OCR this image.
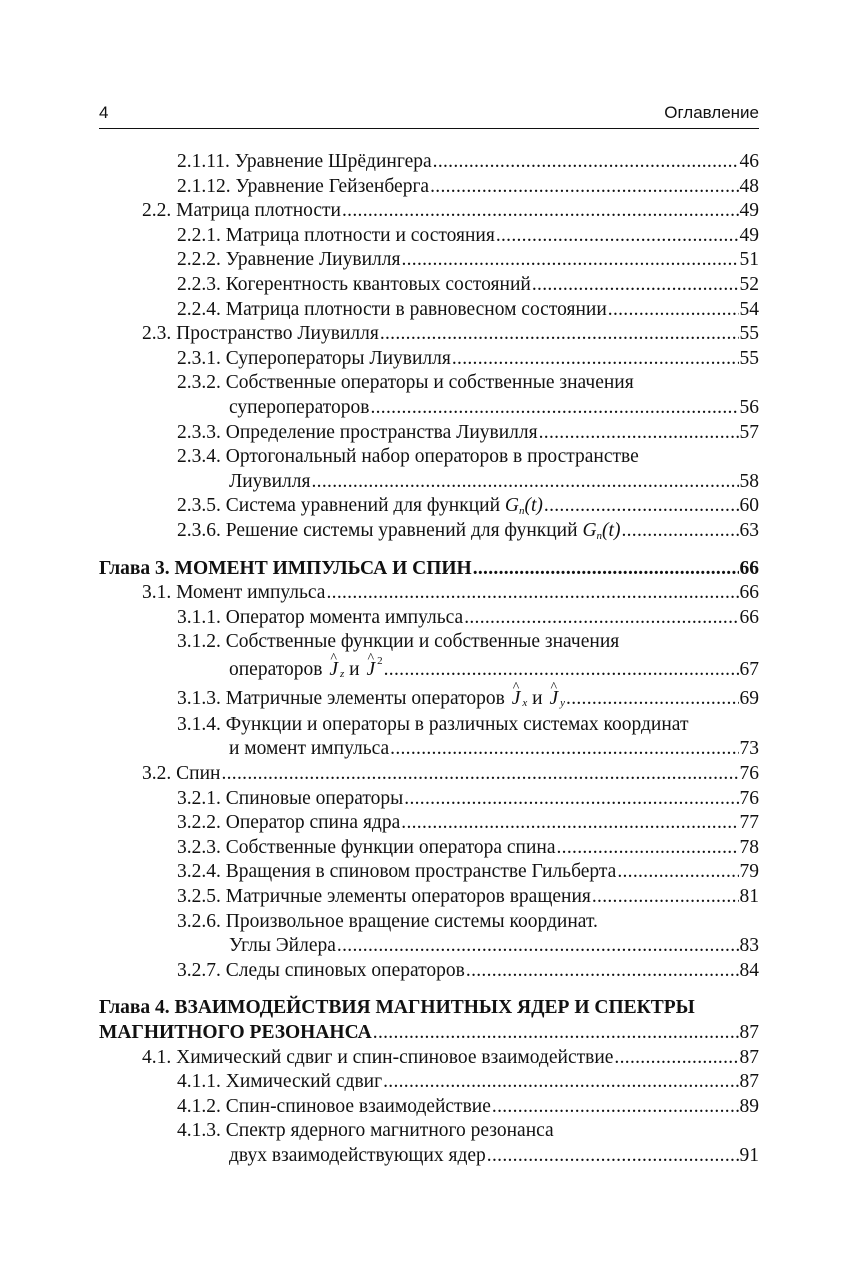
4	Оглавление
2.1.11. Уравнение Шрёдингера .....	46
2.1.12. Уравнение Гейзенберга .....	48
2.2. Матрица плотности .....	49
2.2.1. Матрица плотности и состояния .....	49
2.2.2. Уравнение Лиувилля .....	51
2.2.3. Когерентность квантовых состояний .....	52
2.2.4. Матрица плотности в равновесном состоянии .....	54
2.3. Пространство Лиувилля .....	55
2.3.1. Супероператоры Лиувилля .....	55
2.3.2. Собственные операторы и собственные значения
супероператоров .....	56
2.3.3. Определение пространства Лиувилля .....	57
2.3.4. Ортогональный набор операторов в пространстве
Лиувилля .....	58
2.3.5. Система уравнений для функций
G n (t) .....	60
2.3.6. Решение системы уравнений для функций
G n (t) .....	63
Глава 3. МОМЕНТ ИМПУЛЬСА И СПИН .....	66
3.1. Момент импульса .....	66
3.1.1. Оператор момента импульса .....	66
3.1.2. Собственные функции и собственные значения
операторов
^ J z
и
^ J 2 .....	67
3.1.3. Матричные элементы операторов
^ J x
и
^ J y .....	69
3.1.4. Функции и операторы в различных системах координат
и момент импульса .....	73
3.2. Спин .....	76
3.2.1. Спиновые операторы .....	76
3.2.2. Оператор спина ядра .....	77
3.2.3. Собственные функции оператора спина .....	78
3.2.4. Вращения в спиновом пространстве Гильберта .....	79
3.2.5. Матричные элементы операторов вращения .....	81
3.2.6. Произвольное вращение системы координат.
Углы Эйлера .....	83
3.2.7. Следы спиновых операторов .....	84
Глава 4. ВЗАИМОДЕЙСТВИЯ МАГНИТНЫХ ЯДЕР И СПЕКТРЫ
МАГНИТНОГО РЕЗОНАНСА .....	87
4.1. Химический сдвиг и спин-спиновое взаимодействие .....	87
4.1.1. Химический сдвиг .....	87
4.1.2. Спин-спиновое взаимодействие .....	89
4.1.3. Спектр ядерного магнитного резонанса
двух взаимодействующих ядер .....	91
